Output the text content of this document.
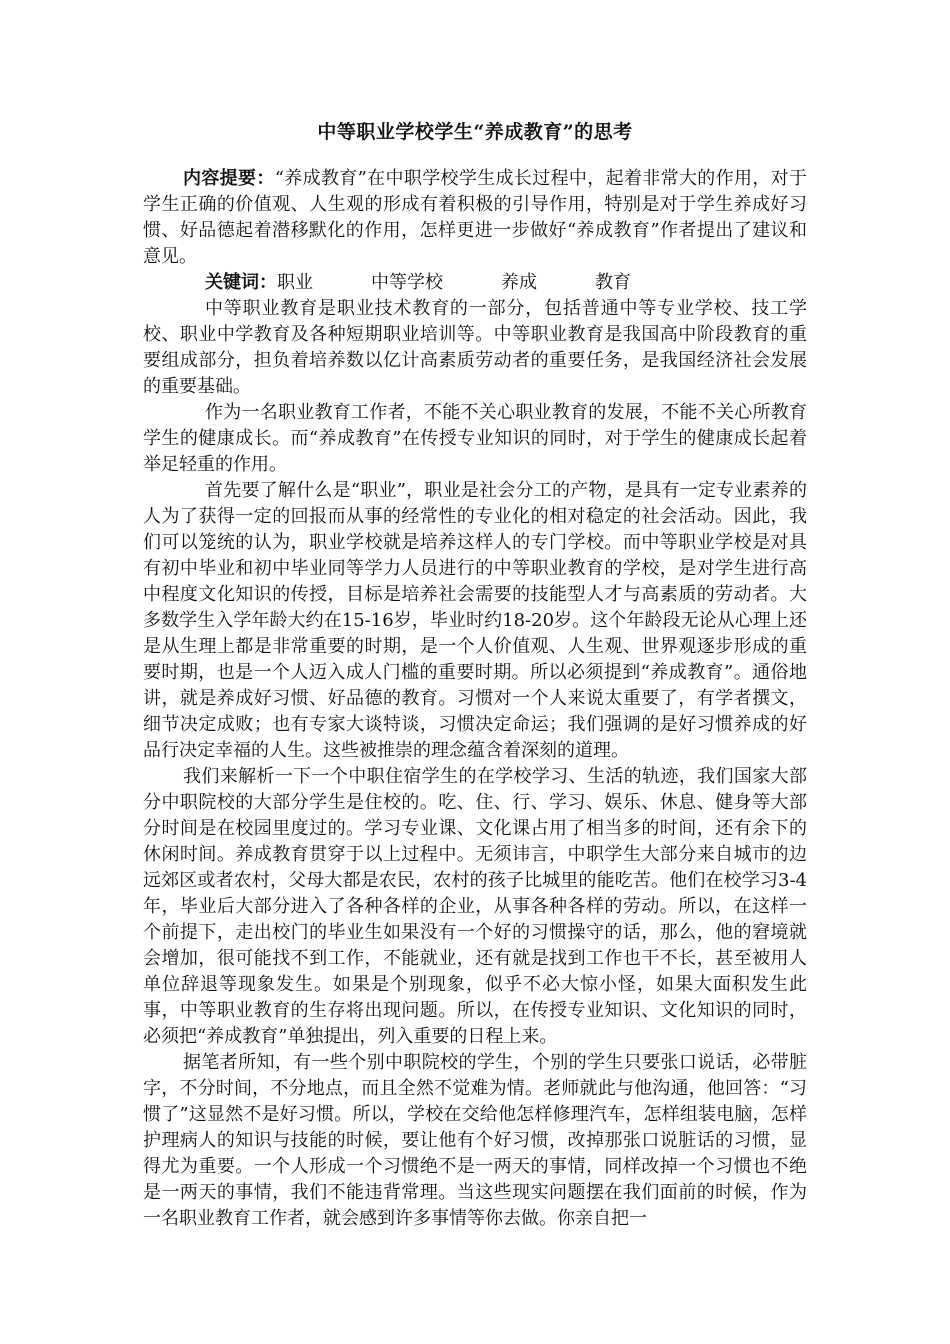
中等职业学校学生“养成教育”的思考

内容提要：“养成教育”在中职学校学生成长过程中，起着非常大的作用，对于学生正确的价值观、人生观的形成有着积极的引导作用，特别是对于学生养成好习惯、好品德起着潜移默化的作用，怎样更进一步做好“养成教育”作者提出了建议和意见。

关键词：职业	中等学校	养成	教育

中等职业教育是职业技术教育的一部分，包括普通中等专业学校、技工学校、职业中学教育及各种短期职业培训等。中等职业教育是我国高中阶段教育的重要组成部分，担负着培养数以亿计高素质劳动者的重要任务，是我国经济社会发展的重要基础。

作为一名职业教育工作者，不能不关心职业教育的发展，不能不关心所教育学生的健康成长。而“养成教育”在传授专业知识的同时，对于学生的健康成长起着举足轻重的作用。

首先要了解什么是“职业”，职业是社会分工的产物，是具有一定专业素养的人为了获得一定的回报而从事的经常性的专业化的相对稳定的社会活动。因此，我们可以笼统的认为，职业学校就是培养这样人的专门学校。而中等职业学校是对具有初中毕业和初中毕业同等学力人员进行的中等职业教育的学校，是对学生进行高中程度文化知识的传授，目标是培养社会需要的技能型人才与高素质的劳动者。大多数学生入学年龄大约在15-16岁，毕业时约18-20岁。这个年龄段无论从心理上还是从生理上都是非常重要的时期，是一个人价值观、人生观、世界观逐步形成的重要时期，也是一个人迈入成人门槛的重要时期。所以必须提到“养成教育”。通俗地讲，就是养成好习惯、好品德的教育。习惯对一个人来说太重要了，有学者撰文，细节决定成败；也有专家大谈特谈，习惯决定命运；我们强调的是好习惯养成的好品行决定幸福的人生。这些被推崇的理念蕴含着深刻的道理。

我们来解析一下一个中职住宿学生的在学校学习、生活的轨迹，我们国家大部分中职院校的大部分学生是住校的。吃、住、行、学习、娱乐、休息、健身等大部分时间是在校园里度过的。学习专业课、文化课占用了相当多的时间，还有余下的休闲时间。养成教育贯穿于以上过程中。无须讳言，中职学生大部分来自城市的边远郊区或者农村，父母大都是农民，农村的孩子比城里的能吃苦。他们在校学习3-4年，毕业后大部分进入了各种各样的企业，从事各种各样的劳动。所以，在这样一个前提下，走出校门的毕业生如果没有一个好的习惯操守的话，那么，他的窘境就会增加，很可能找不到工作，不能就业，还有就是找到工作也干不长，甚至被用人单位辞退等现象发生。如果是个别现象，似乎不必大惊小怪，如果大面积发生此事，中等职业教育的生存将出现问题。所以，在传授专业知识、文化知识的同时，必须把“养成教育”单独提出，列入重要的日程上来。

据笔者所知，有一些个别中职院校的学生，个别的学生只要张口说话，必带脏字，不分时间，不分地点，而且全然不觉难为情。老师就此与他沟通，他回答：“习惯了”这显然不是好习惯。所以，学校在交给他怎样修理汽车，怎样组装电脑，怎样护理病人的知识与技能的时候，要让他有个好习惯，改掉那张口说脏话的习惯，显得尤为重要。一个人形成一个习惯绝不是一两天的事情，同样改掉一个习惯也不绝是一两天的事情，我们不能违背常理。当这些现实问题摆在我们面前的时候，作为一名职业教育工作者，就会感到许多事情等你去做。你亲自把一
